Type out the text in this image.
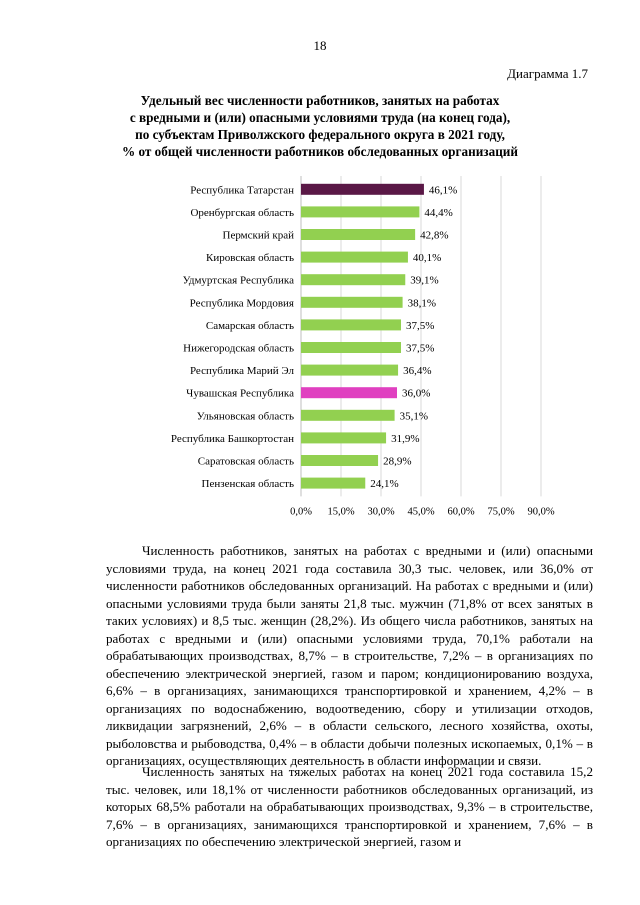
18
Диаграмма 1.7
Удельный вес численности работников, занятых на работах
с вредными и (или) опасными условиями труда (на конец года),
по субъектам Приволжского федерального округа в 2021 году,
% от общей численности работников обследованных организаций
0,0% 15,0% 30,0% 45,0% 60,0% 75,0% 90,0%
Республика Татарстан	46,1%
Оренбургская область	44,4%
Пермский край	42,8%
Кировская область	40,1%
Удмуртская Республика	39,1%
Республика Мордовия	38,1%
Самарская область	37,5%
Нижегородская область	37,5%
Республика Марий Эл	36,4%
Чувашская Республика	36,0%
Ульяновская область	35,1%
Республика Башкортостан	31,9%
Саратовская область	28,9%
Пензенская область	24,1%

Численность работников, занятых на работах с вредными и (или) опасными условиями труда, на конец 2021 года составила 30,3 тыс. человек, или 36,0% от численности работников обследованных организаций. На работах с вредными и (или) опасными условиями труда были заняты 21,8 тыс. мужчин (71,8% от всех занятых в таких условиях) и 8,5 тыс. женщин (28,2%). Из общего числа работников, занятых на работах с вредными и (или) опасными условиями труда, 70,1% работали на обрабатывающих производствах, 8,7% – в строительстве, 7,2% – в организациях по обеспечению электрической энергией, газом и паром; кондиционированию воздуха, 6,6% – в организациях, занимающихся транспортировкой и хранением, 4,2% – в организациях по водоснабжению, водоотведению, сбору и утилизации отходов, ликвидации загрязнений, 2,6% – в области сельского, лесного хозяйства, охоты, рыболовства и рыбоводства, 0,4% – в области добычи полезных ископаемых, 0,1% – в организациях, осуществляющих деятельность в области информации и связи.

Численность занятых на тяжелых работах на конец 2021 года составила 15,2 тыс. человек, или 18,1% от численности работников обследованных организаций, из которых 68,5% работали на обрабатывающих производствах, 9,3% – в строительстве, 7,6% – в организациях, занимающихся транспортировкой и хранением, 7,6% – в организациях по обеспечению электрической энергией, газом и
